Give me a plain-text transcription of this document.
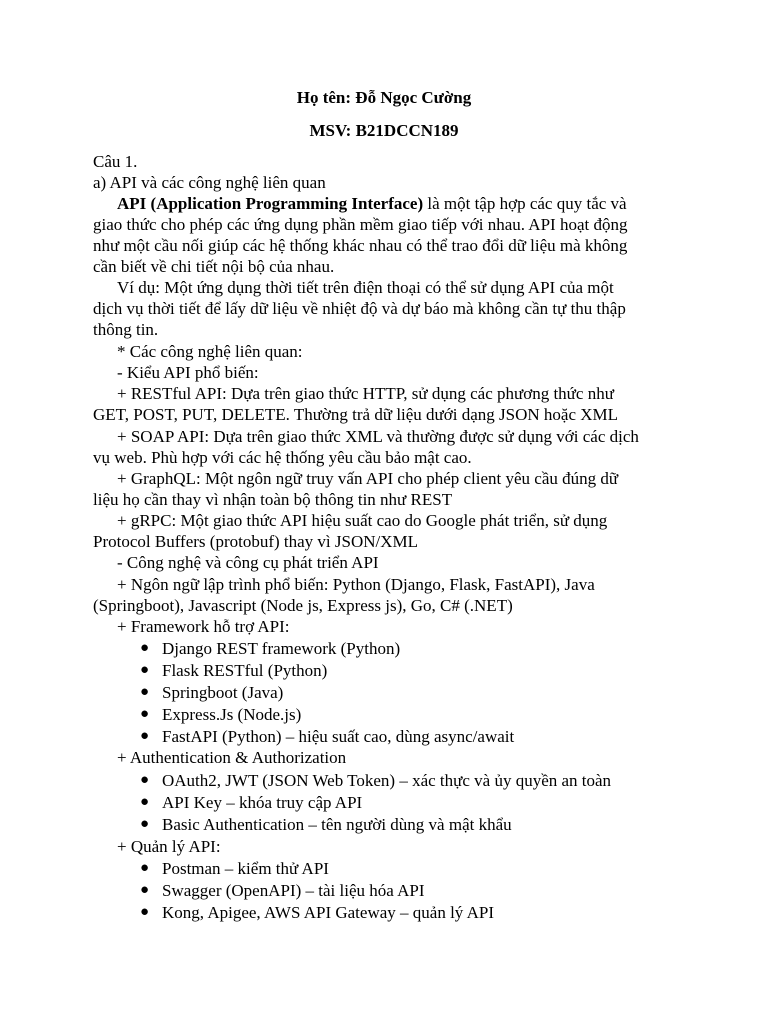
Họ tên: Đỗ Ngọc Cường
MSV: B21DCCN189
Câu 1.
a) API và các công nghệ liên quan
API (Application Programming Interface) là một tập hợp các quy tắc và
giao thức cho phép các ứng dụng phần mềm giao tiếp với nhau. API hoạt động
như một cầu nối giúp các hệ thống khác nhau có thể trao đổi dữ liệu mà không
cần biết về chi tiết nội bộ của nhau.
Ví dụ: Một ứng dụng thời tiết trên điện thoại có thể sử dụng API của một
dịch vụ thời tiết để lấy dữ liệu về nhiệt độ và dự báo mà không cần tự thu thập
thông tin.
* Các công nghệ liên quan:
- Kiểu API phổ biến:
+ RESTful API: Dựa trên giao thức HTTP, sử dụng các phương thức như
GET, POST, PUT, DELETE. Thường trả dữ liệu dưới dạng JSON hoặc XML
+ SOAP API: Dựa trên giao thức XML và thường được sử dụng với các dịch
vụ web. Phù hợp với các hệ thống yêu cầu bảo mật cao.
+ GraphQL: Một ngôn ngữ truy vấn API cho phép client yêu cầu đúng dữ
liệu họ cần thay vì nhận toàn bộ thông tin như REST
+ gRPC: Một giao thức API hiệu suất cao do Google phát triển, sử dụng
Protocol Buffers (protobuf) thay vì JSON/XML
- Công nghệ và công cụ phát triển API
+ Ngôn ngữ lập trình phổ biến: Python (Django, Flask, FastAPI), Java
(Springboot), Javascript (Node js, Express js), Go, C# (.NET)
+ Framework hỗ trợ API:
● Django REST framework (Python)
● Flask RESTful (Python)
● Springboot (Java)
● Express.Js (Node.js)
● FastAPI (Python) – hiệu suất cao, dùng async/await
+ Authentication & Authorization
● OAuth2, JWT (JSON Web Token) – xác thực và ủy quyền an toàn
● API Key – khóa truy cập API
● Basic Authentication – tên người dùng và mật khẩu
+ Quản lý API:
● Postman – kiểm thử API
● Swagger (OpenAPI) – tài liệu hóa API
● Kong, Apigee, AWS API Gateway – quản lý API
